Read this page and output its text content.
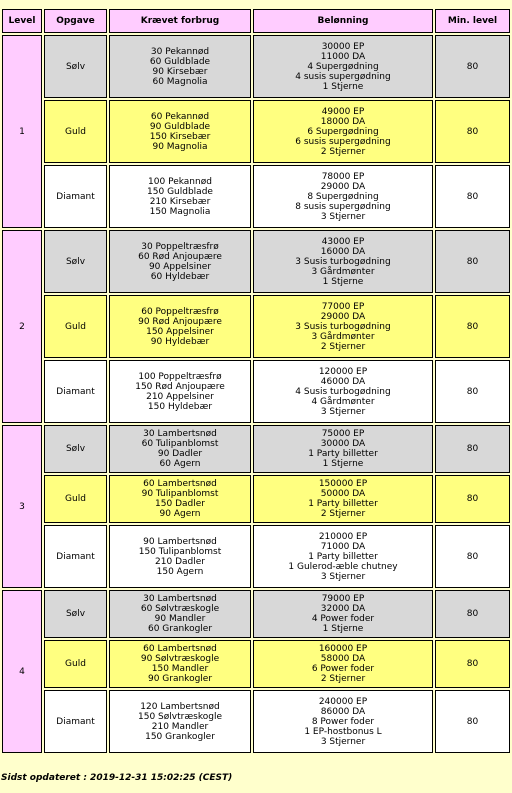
Level	Opgave	Krævet forbrug	Belønning	Min. level
1	Sølv	30 Pekannød
60 Guldblade
90 Kirsebær
60 Magnolia	30000 EP
11000 DA
4 Supergødning
4 susis supergødning
1 Stjerne	80
	Guld	60 Pekannød
90 Guldblade
150 Kirsebær
90 Magnolia	49000 EP
18000 DA
6 Supergødning
6 susis supergødning
2 Stjerner	80
	Diamant	100 Pekannød
150 Guldblade
210 Kirsebær
150 Magnolia	78000 EP
29000 DA
8 Supergødning
8 susis supergødning
3 Stjerner	80
2	Sølv	30 Poppeltræsfrø
60 Rød Anjoupære
90 Appelsiner
60 Hyldebær	43000 EP
16000 DA
3 Susis turbogødning
3 Gårdmønter
1 Stjerne	80
	Guld	60 Poppeltræsfrø
90 Rød Anjoupære
150 Appelsiner
90 Hyldebær	77000 EP
29000 DA
3 Susis turbogødning
3 Gårdmønter
2 Stjerner	80
	Diamant	100 Poppeltræsfrø
150 Rød Anjoupære
210 Appelsiner
150 Hyldebær	120000 EP
46000 DA
4 Susis turbogødning
4 Gårdmønter
3 Stjerner	80
3	Sølv	30 Lambertsnød
60 Tulipanblomst
90 Dadler
60 Agern	75000 EP
30000 DA
1 Party billetter
1 Stjerne	80
	Guld	60 Lambertsnød
90 Tulipanblomst
150 Dadler
90 Agern	150000 EP
50000 DA
1 Party billetter
2 Stjerner	80
	Diamant	90 Lambertsnød
150 Tulipanblomst
210 Dadler
150 Agern	210000 EP
71000 DA
1 Party billetter
1 Gulerod-æble chutney
3 Stjerner	80
4	Sølv	30 Lambertsnød
60 Sølvtræskogle
90 Mandler
60 Grankogler	79000 EP
32000 DA
4 Power foder
1 Stjerne	80
	Guld	60 Lambertsnød
90 Sølvtræskogle
150 Mandler
90 Grankogler	160000 EP
58000 DA
6 Power foder
2 Stjerner	80
	Diamant	120 Lambertsnød
150 Sølvtræskogle
210 Mandler
150 Grankogler	240000 EP
86000 DA
8 Power foder
1 EP-hostbonus L
3 Stjerner	80
Sidst opdateret : 2019-12-31 15:02:25 (CEST)
